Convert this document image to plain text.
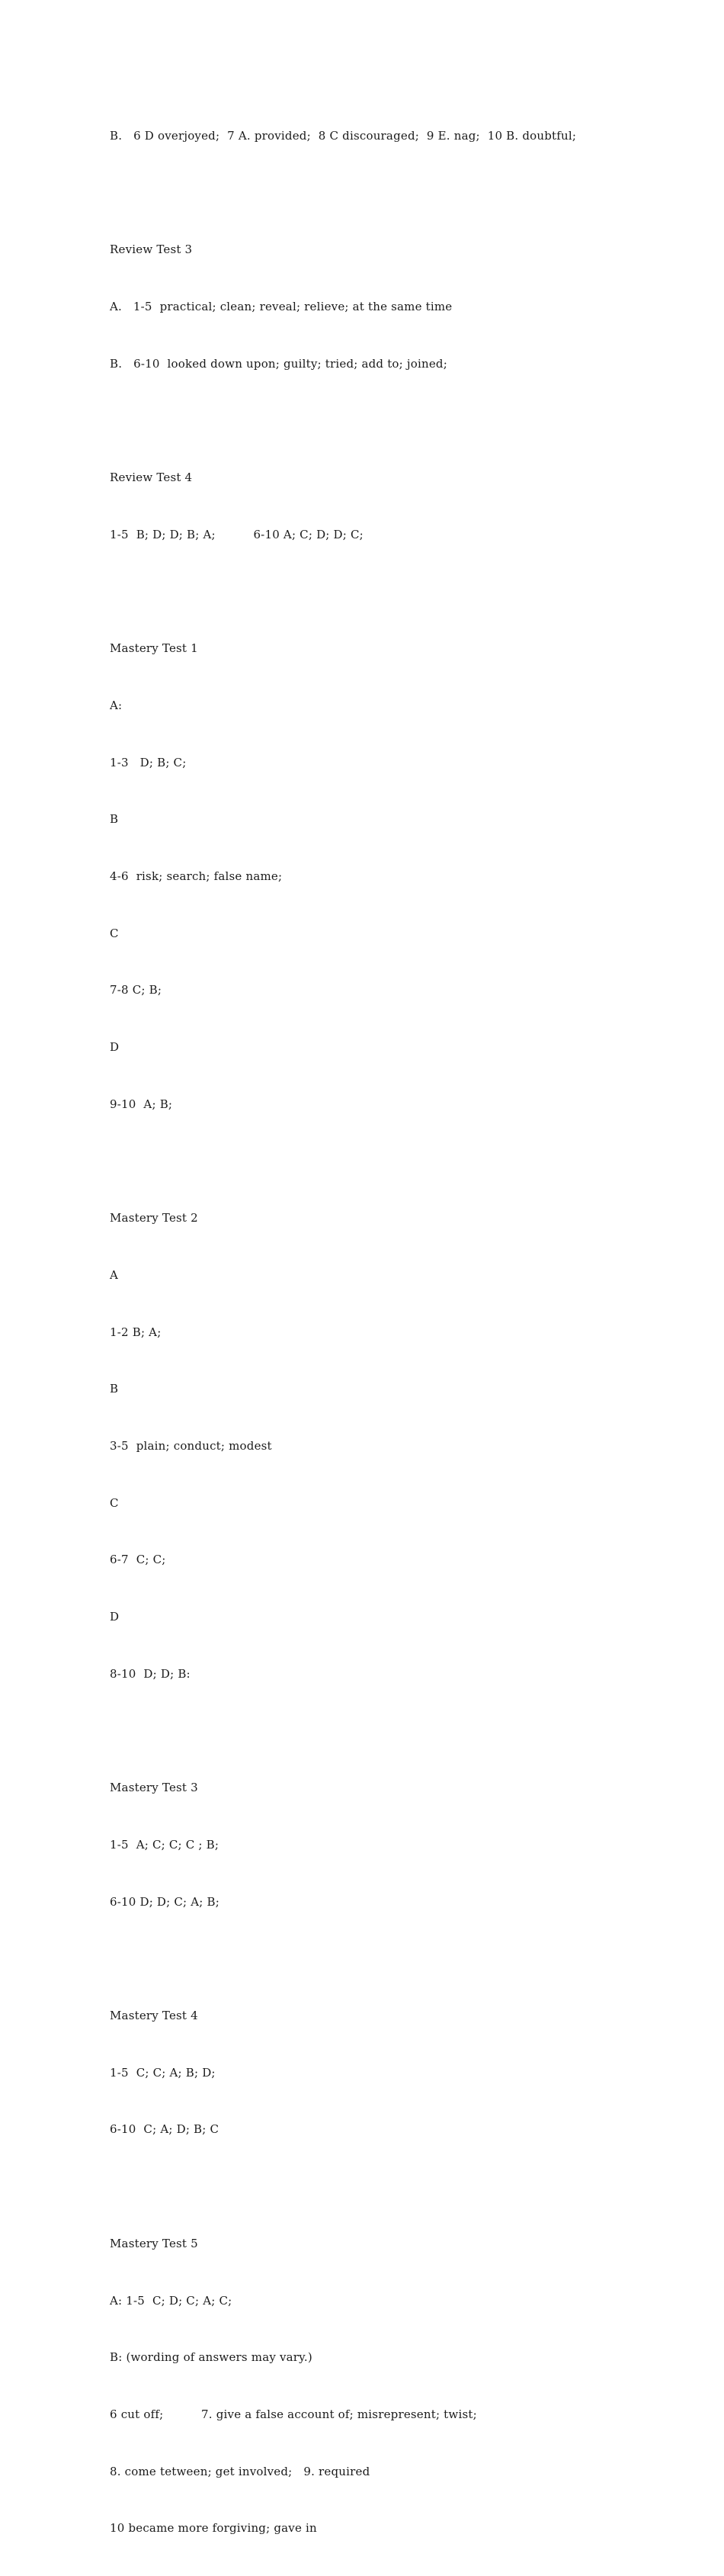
B.   6 D overjoyed;  7 A. provided;  8 C discouraged;  9 E. nag;  10 B. doubtful;

Review Test 3

A.   1-5  practical; clean; reveal; relieve; at the same time

B.   6-10  looked down upon; guilty; tried; add to; joined;

Review Test 4

1-5  B; D; D; B; A;          6-10 A; C; D; D; C;

Mastery Test 1

A:

1-3   D; B; C;

B

4-6  risk; search; false name;

C

7-8 C; B;

D

9-10  A; B;

Mastery Test 2

A

1-2 B; A;

B

3-5  plain; conduct; modest

C

6-7  C; C;

D

8-10  D; D; B:

Mastery Test 3

1-5  A; C; C; C ; B;

6-10 D; D; C; A; B;

Mastery Test 4

1-5  C; C; A; B; D;

6-10  C; A; D; B; C

Mastery Test 5

A: 1-5  C; D; C; A; C;

B: (wording of answers may vary.)

6 cut off;          7. give a false account of; misrepresent; twist;

8. come tetween; get involved;   9. required

10 became more forgiving; gave in
